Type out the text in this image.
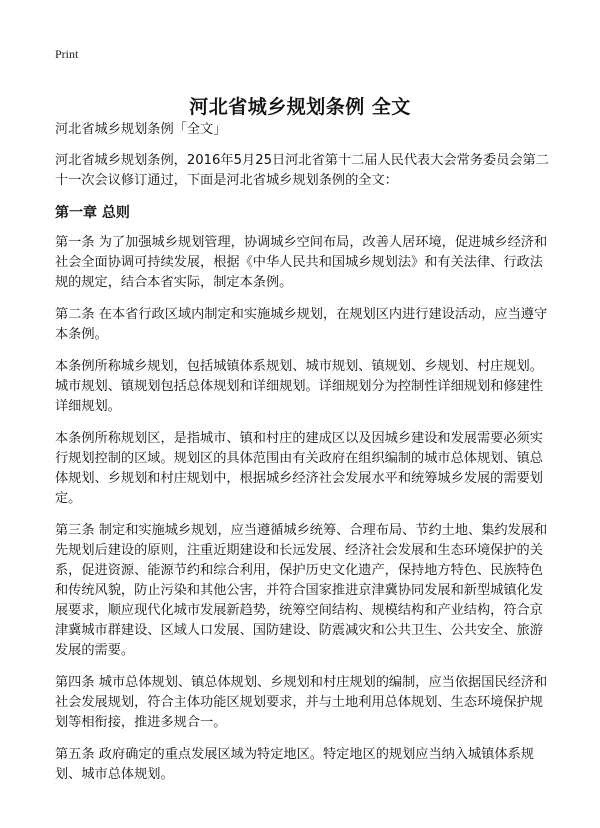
Print
河北省城乡规划条例 全文

河北省城乡规划条例「全文」

河北省城乡规划条例，2016年5月25日河北省第十二届人民代表大会常务委员会第二十一次会议修订通过，下面是河北省城乡规划条例的全文：

第一章 总则

第一条 为了加强城乡规划管理，协调城乡空间布局，改善人居环境，促进城乡经济和社会全面协调可持续发展，根据《中华人民共和国城乡规划法》和有关法律、行政法规的规定，结合本省实际，制定本条例。

第二条 在本省行政区域内制定和实施城乡规划，在规划区内进行建设活动，应当遵守本条例。

本条例所称城乡规划，包括城镇体系规划、城市规划、镇规划、乡规划、村庄规划。城市规划、镇规划包括总体规划和详细规划。详细规划分为控制性详细规划和修建性详细规划。

本条例所称规划区，是指城市、镇和村庄的建成区以及因城乡建设和发展需要必须实行规划控制的区域。规划区的具体范围由有关政府在组织编制的城市总体规划、镇总体规划、乡规划和村庄规划中，根据城乡经济社会发展水平和统筹城乡发展的需要划定。

第三条 制定和实施城乡规划，应当遵循城乡统筹、合理布局、节约土地、集约发展和先规划后建设的原则，注重近期建设和长远发展、经济社会发展和生态环境保护的关系，促进资源、能源节约和综合利用，保护历史文化遗产，保持地方特色、民族特色和传统风貌，防止污染和其他公害，并符合国家推进京津冀协同发展和新型城镇化发展要求，顺应现代化城市发展新趋势，统筹空间结构、规模结构和产业结构，符合京津冀城市群建设、区域人口发展、国防建设、防震减灾和公共卫生、公共安全、旅游发展的需要。

第四条 城市总体规划、镇总体规划、乡规划和村庄规划的编制，应当依据国民经济和社会发展规划，符合主体功能区规划要求，并与土地利用总体规划、生态环境保护规划等相衔接，推进多规合一。

第五条 政府确定的重点发展区域为特定地区。特定地区的规划应当纳入城镇体系规划、城市总体规划。
